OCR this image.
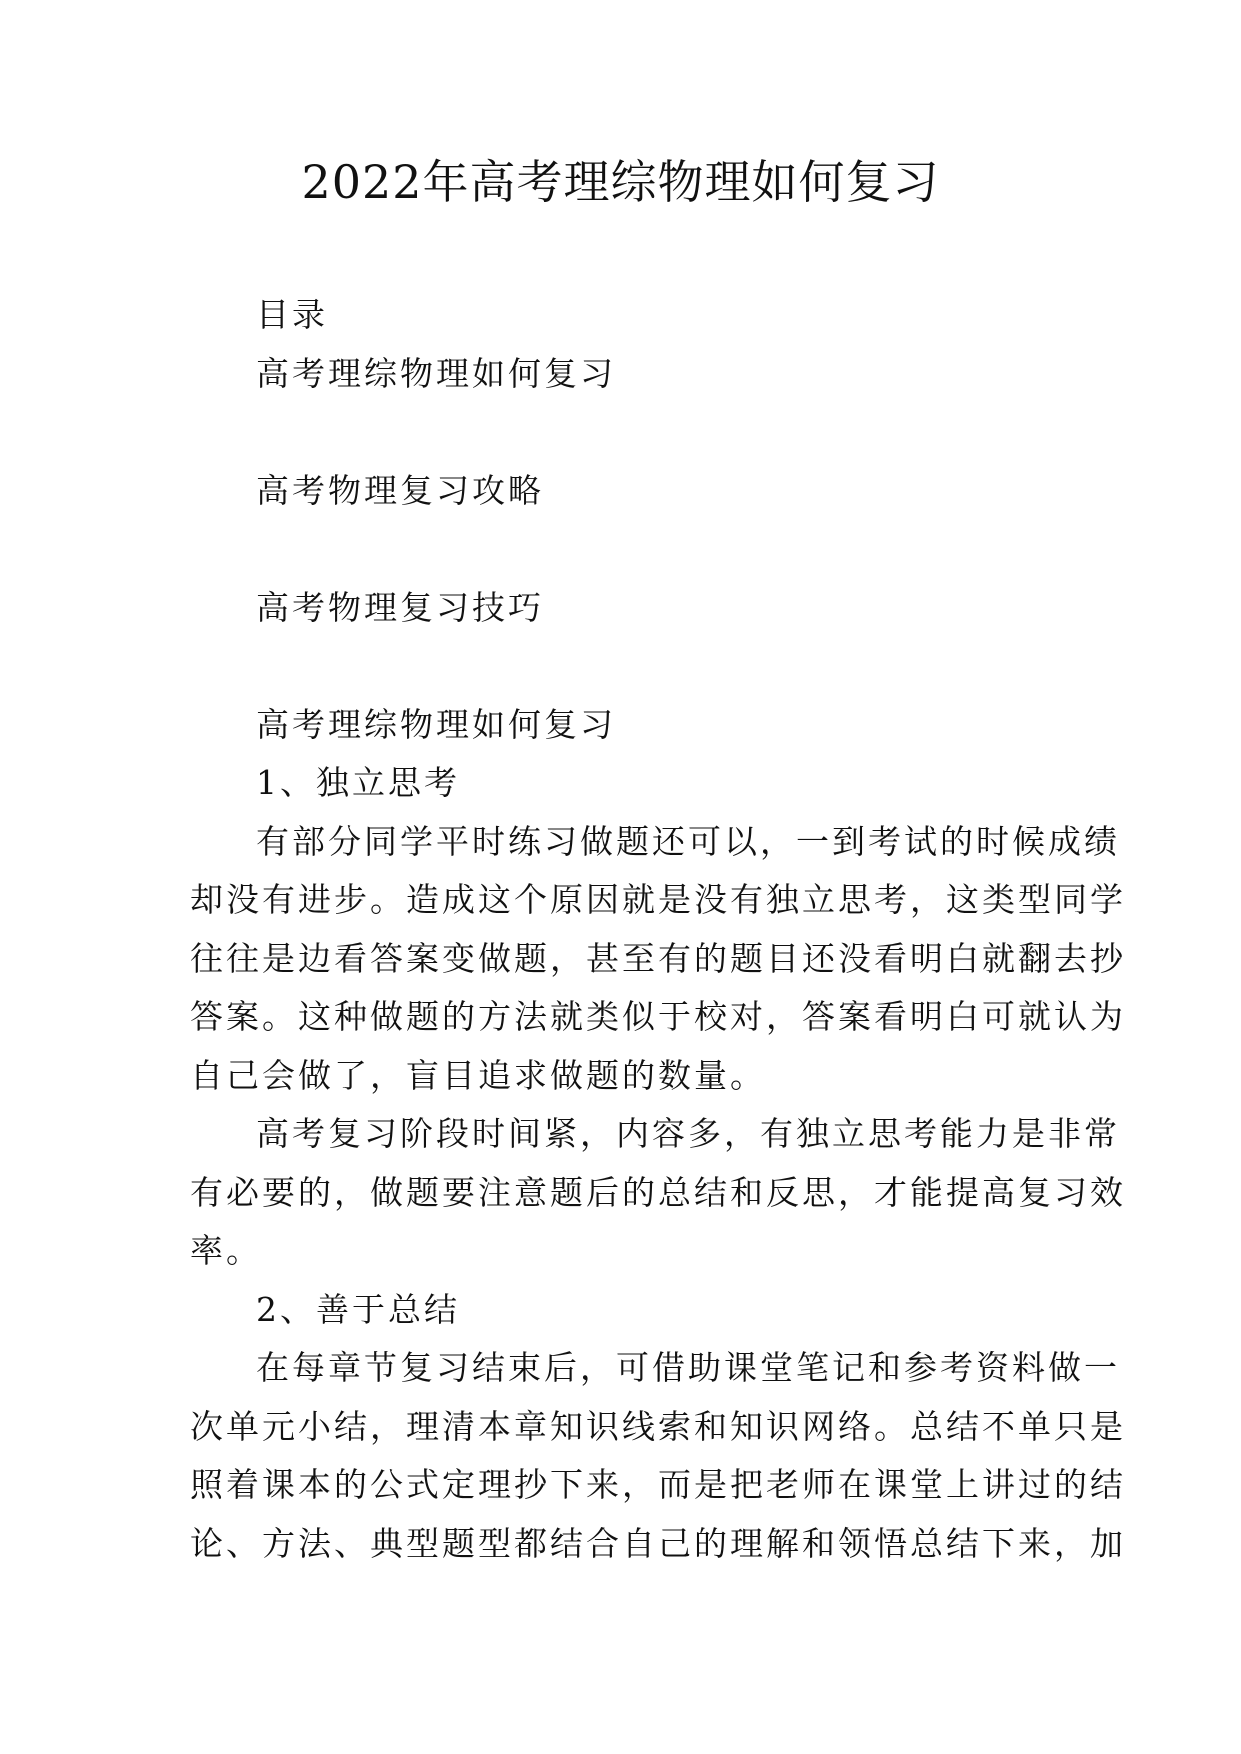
2022年高考理综物理如何复习

目录

高考理综物理如何复习

高考物理复习攻略

高考物理复习技巧

高考理综物理如何复习

1、独立思考

有部分同学平时练习做题还可以，一到考试的时候成绩

却没有进步。造成这个原因就是没有独立思考，这类型同学

往往是边看答案变做题，甚至有的题目还没看明白就翻去抄

答案。这种做题的方法就类似于校对，答案看明白可就认为

自己会做了，盲目追求做题的数量。

高考复习阶段时间紧，内容多，有独立思考能力是非常

有必要的，做题要注意题后的总结和反思，才能提高复习效

率。

2、善于总结

在每章节复习结束后，可借助课堂笔记和参考资料做一

次单元小结，理清本章知识线索和知识网络。总结不单只是

照着课本的公式定理抄下来，而是把老师在课堂上讲过的结

论、方法、典型题型都结合自己的理解和领悟总结下来，加
